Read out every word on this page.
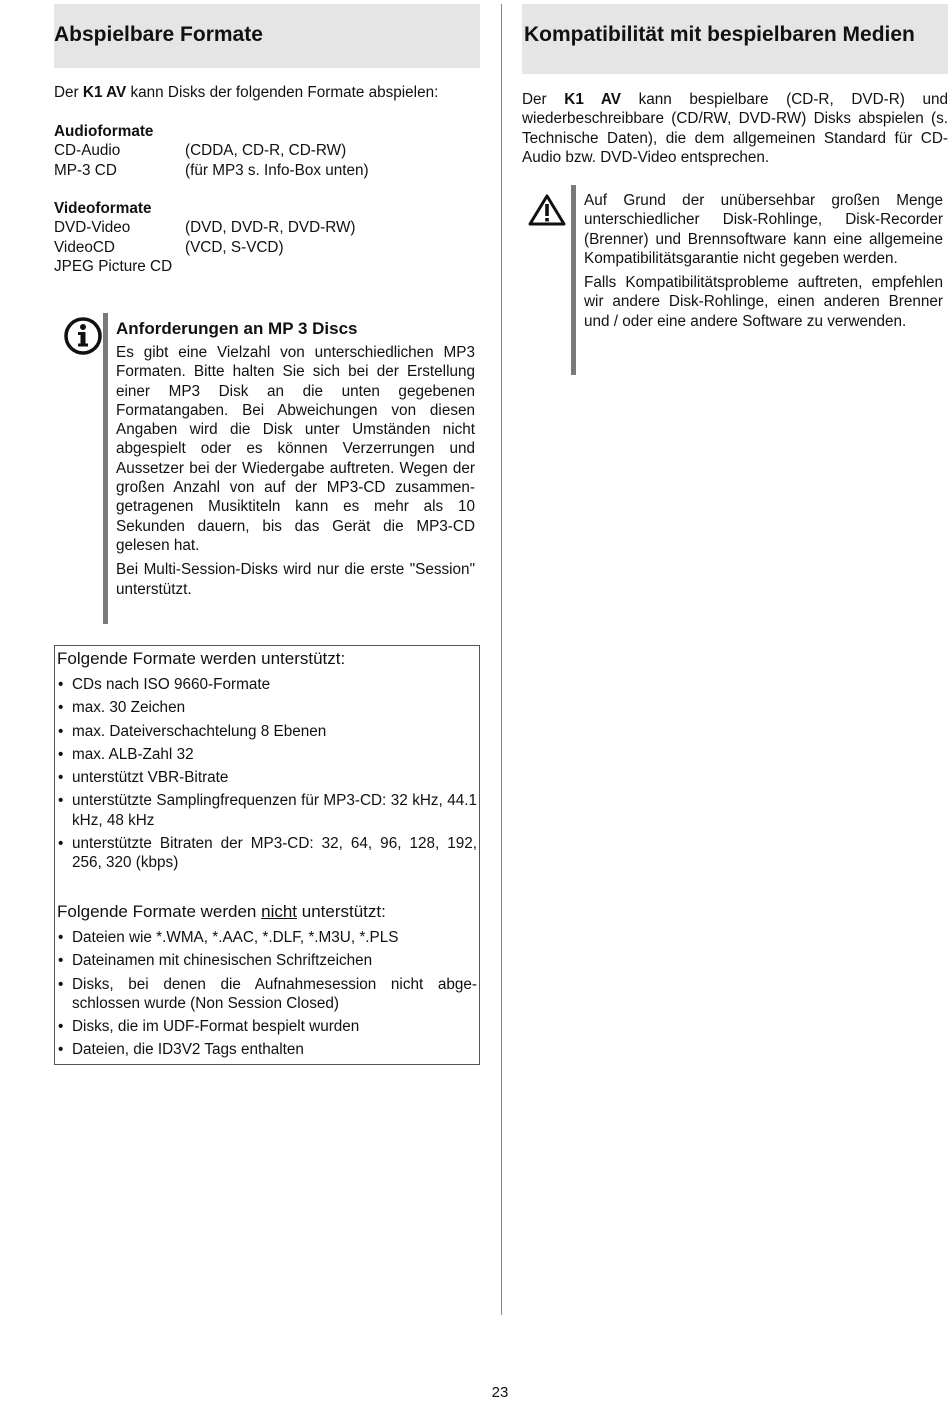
Abspielbare Formate
Der K1 AV kann Disks der folgenden Formate abspielen:
Audioformate
CD-Audio	(CDDA, CD-R, CD-RW)
MP-3 CD	(für MP3 s. Info-Box unten)
Videoformate
DVD-Video	(DVD, DVD-R, DVD-RW)
VideoCD	(VCD, S-VCD)
JPEG Picture CD
Anforderungen an MP 3 Discs

Es gibt eine Vielzahl von unterschiedlichen MP3 Formaten. Bitte halten Sie sich bei der Erstellung einer MP3 Disk an die unten gegebenen Formatangaben. Bei Abweichungen von diesen Angaben wird die Disk unter Umständen nicht abgespielt oder es können Verzerrungen und Aussetzer bei der Wiedergabe auftreten. Wegen der großen Anzahl von auf der MP3-CD zusammen-getragenen Musiktiteln kann es mehr als 10 Sekunden dauern, bis das Gerät die MP3-CD gelesen hat.

Bei Multi-Session-Disks wird nur die erste "Session" unterstützt.

Folgende Formate werden unterstützt:
• CDs nach ISO 9660-Formate
• max. 30 Zeichen
• max. Dateiverschachtelung 8 Ebenen
• max. ALB-Zahl 32
• unterstützt VBR-Bitrate
• unterstützte Samplingfrequenzen für MP3-CD: 32 kHz, 44.1 kHz, 48 kHz
• unterstützte Bitraten der MP3-CD: 32, 64, 96, 128, 192, 256, 320 (kbps)
Folgende Formate werden nicht unterstützt:
• Dateien wie *.WMA, *.AAC, *.DLF, *.M3U, *.PLS
• Dateinamen mit chinesischen Schriftzeichen
• Disks, bei denen die Aufnahmesession nicht abge-schlossen wurde (Non Session Closed)
• Disks, die im UDF-Format bespielt wurden
• Dateien, die ID3V2 Tags enthalten
Kompatibilität mit bespielbaren Medien
Der K1 AV kann bespielbare (CD-R, DVD-R) und wiederbeschreibbare (CD/RW, DVD-RW) Disks abspielen (s. Technische Daten), die dem allgemeinen Standard für CD-Audio bzw. DVD-Video entsprechen.

Auf Grund der unübersehbar großen Menge unterschiedlicher Disk-Rohlinge, Disk-Recorder (Brenner) und Brennsoftware kann eine allgemeine Kompatibilitätsgarantie nicht gegeben werden.

Falls Kompatibilitätsprobleme auftreten, empfehlen wir andere Disk-Rohlinge, einen anderen Brenner und / oder eine andere Software zu verwenden.

23
